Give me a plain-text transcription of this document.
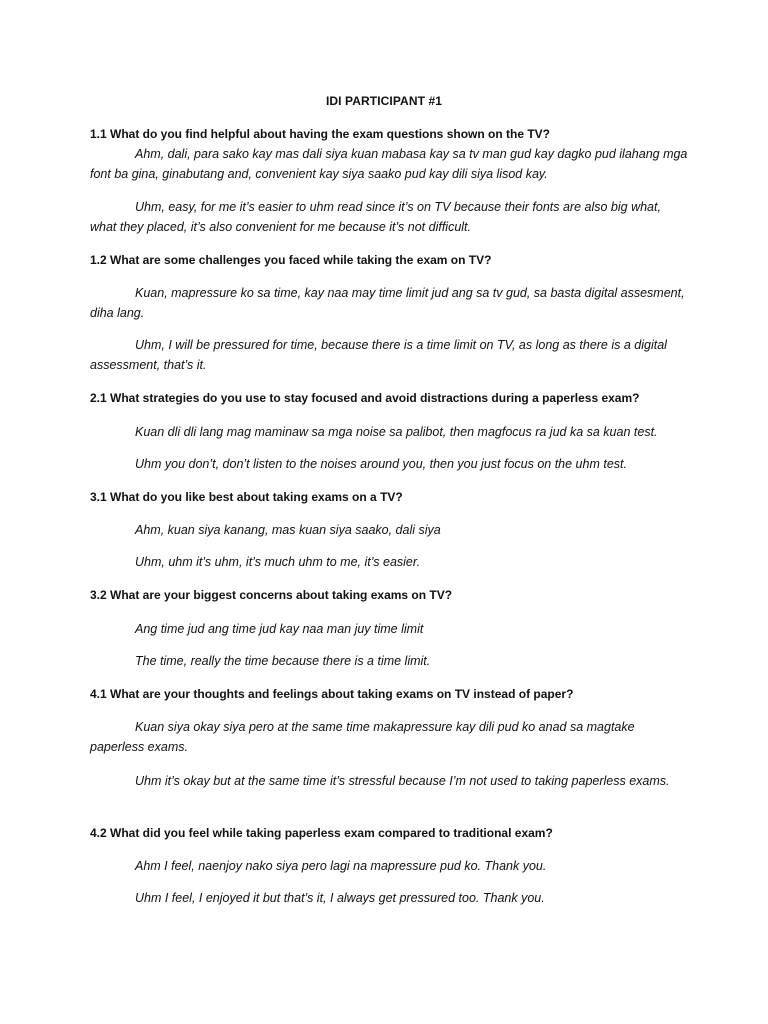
IDI PARTICIPANT #1
1.1 What do you find helpful about having the exam questions shown on the TV?
Ahm, dali, para sako kay mas dali siya kuan mabasa kay sa tv man gud kay dagko pud ilahang mga font ba gina, ginabutang and, convenient kay siya saako pud kay dili siya lisod kay.
Uhm, easy, for me it’s easier to uhm read since it’s on TV because their fonts are also big what, what they placed, it’s also convenient for me because it’s not difficult.
1.2 What are some challenges you faced while taking the exam on TV?
Kuan, mapressure ko sa time, kay naa may time limit jud ang sa tv gud, sa basta digital assesment, diha lang.
Uhm, I will be pressured for time, because there is a time limit on TV, as long as there is a digital assessment, that’s it.
2.1 What strategies do you use to stay focused and avoid distractions during a paperless exam?
Kuan dli dli lang mag maminaw sa mga noise sa palibot, then magfocus ra jud ka sa kuan test.
Uhm you don’t, don’t listen to the noises around you, then you just focus on the uhm test.
3.1 What do you like best about taking exams on a TV?
Ahm, kuan siya kanang, mas kuan siya saako, dali siya
Uhm, uhm it’s uhm, it’s much uhm to me, it’s easier.
3.2 What are your biggest concerns about taking exams on TV?
Ang time jud ang time jud kay naa man juy time limit
The time, really the time because there is a time limit.
4.1 What are your thoughts and feelings about taking exams on TV instead of paper?
Kuan siya okay siya pero at the same time makapressure kay dili pud ko anad sa magtake paperless exams.
Uhm it’s okay but at the same time it’s stressful because I’m not used to taking paperless exams.
4.2 What did you feel while taking paperless exam compared to traditional exam?
Ahm I feel, naenjoy nako siya pero lagi na mapressure pud ko. Thank you.
Uhm I feel, I enjoyed it but that’s it, I always get pressured too. Thank you.
